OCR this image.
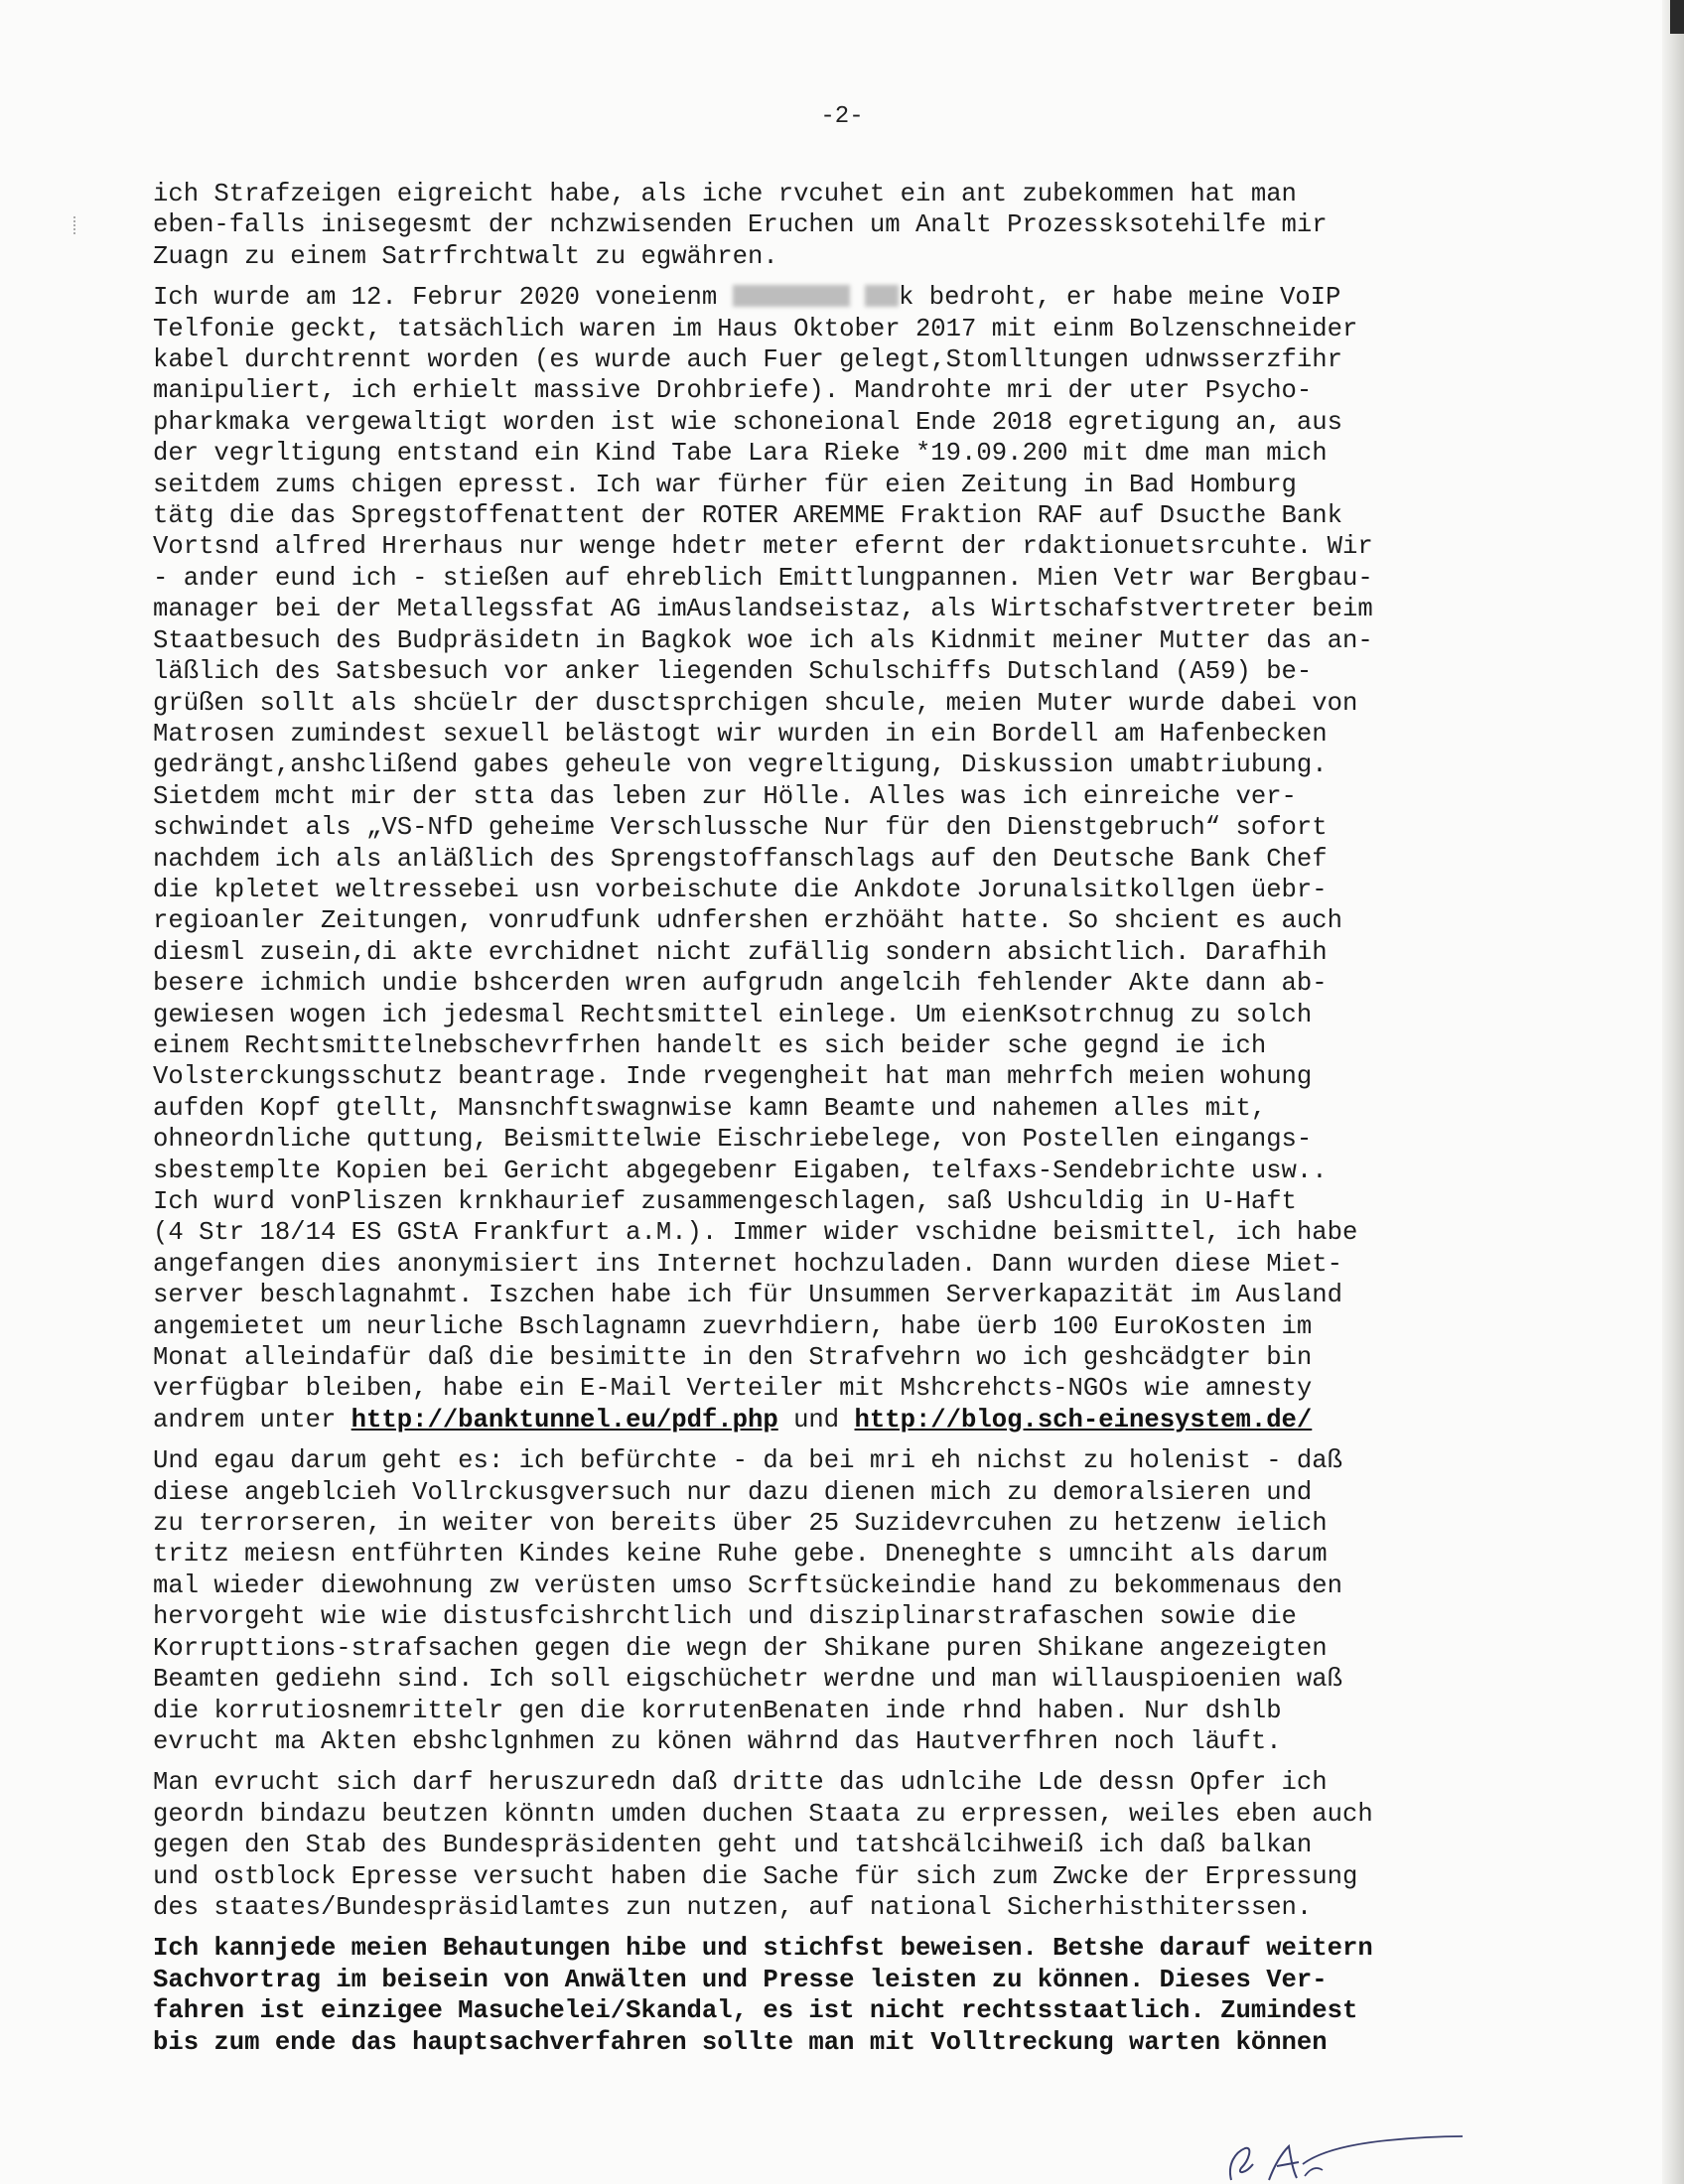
-2-
ich Strafzeigen eigreicht habe, als iche rvcuhet ein ant zubekommen hat man
eben-falls inisegesmt der nchzwisenden Eruchen um Analt Prozessksotehilfe mir
Zuagn zu einem Satrfrchtwalt zu egwähren.
Ich wurde am 12. Februr 2020 voneienm	k bedroht, er habe meine VoIP
Telfonie geckt, tatsächlich waren im Haus Oktober 2017 mit einm Bolzenschneider
kabel durchtrennt worden (es wurde auch Fuer gelegt,Stomlltungen udnwsserzfihr
manipuliert, ich erhielt massive Drohbriefe). Mandrohte mri der uter Psycho-
pharkmaka vergewaltigt worden ist wie schoneional Ende 2018 egretigung an, aus
der vegrltigung entstand ein Kind Tabe Lara Rieke *19.09.200 mit dme man mich
seitdem zums chigen epresst. Ich war fürher für eien Zeitung in Bad Homburg
tätg die das Spregstoffenattent der ROTER AREMME Fraktion RAF auf Dsucthe Bank
Vortsnd alfred Hrerhaus nur wenge hdetr meter efernt der rdaktionuetsrcuhte. Wir
- ander eund ich - stießen auf ehreblich Emittlungpannen. Mien Vetr war Bergbau-
manager bei der Metallegssfat AG imAuslandseistaz, als Wirtschafstvertreter beim
Staatbesuch des Budpräsidetn in Bagkok woe ich als Kidnmit meiner Mutter das an-
läßlich des Satsbesuch vor anker liegenden Schulschiffs Dutschland (A59) be-
grüßen sollt als shcüelr der dusctsprchigen shcule, meien Muter wurde dabei von
Matrosen zumindest sexuell belästogt wir wurden in ein Bordell am Hafenbecken
gedrängt,anshclißend gabes geheule von vegreltigung, Diskussion umabtriubung.
Sietdem mcht mir der stta das leben zur Hölle. Alles was ich einreiche ver-
schwindet als „VS-NfD geheime Verschlussche Nur für den Dienstgebruch“ sofort
nachdem ich als anläßlich des Sprengstoffanschlags auf den Deutsche Bank Chef
die kpletet weltressebei usn vorbeischute die Ankdote Jorunalsitkollgen üebr-
regioanler Zeitungen, vonrudfunk udnfershen erzhöäht hatte. So shcient es auch
diesml zusein,di akte evrchidnet nicht zufällig sondern absichtlich. Darafhih
besere ichmich undie bshcerden wren aufgrudn angelcih fehlender Akte dann ab-
gewiesen wogen ich jedesmal Rechtsmittel einlege. Um eienKsotrchnug zu solch
einem Rechtsmittelnebschevrfrhen handelt es sich beider sche gegnd ie ich
Volsterckungsschutz beantrage. Inde rvegengheit hat man mehrfch meien wohung
aufden Kopf gtellt, Mansnchftswagnwise kamn Beamte und nahemen alles mit,
ohneordnliche quttung, Beismittelwie Eischriebelege, von Postellen eingangs-
sbestemplte Kopien bei Gericht abgegebenr Eigaben, telfaxs-Sendebrichte usw..
Ich wurd vonPliszen krnkhaurief zusammengeschlagen, saß Ushculdig in U-Haft
(4 Str 18/14 ES GStA Frankfurt a.M.). Immer wider vschidne beismittel, ich habe
angefangen dies anonymisiert ins Internet hochzuladen. Dann wurden diese Miet-
server beschlagnahmt. Iszchen habe ich für Unsummen Serverkapazität im Ausland
angemietet um neurliche Bschlagnamn zuevrhdiern, habe üerb 100 EuroKosten im
Monat alleindafür daß die besimitte in den Strafvehrn wo ich geshcädgter bin
verfügbar bleiben, habe ein E-Mail Verteiler mit Mshcrehcts-NGOs wie amnesty
andrem unter http://banktunnel.eu/pdf.php und http://blog.sch-einesystem.de/
Und egau darum geht es: ich befürchte - da bei mri eh nichst zu holenist - daß
diese angeblcieh Vollrckusgversuch nur dazu dienen mich zu demoralsieren und
zu terrorseren, in weiter von bereits über 25 Suzidevrcuhen zu hetzenw ielich
tritz meiesn entführten Kindes keine Ruhe gebe. Dneneghte s umnciht als darum
mal wieder diewohnung zw verüsten umso Scrftsückeindie hand zu bekommenaus den
hervorgeht wie wie distusfcishrchtlich und disziplinarstrafaschen sowie die
Korrupttions-strafsachen gegen die wegn der Shikane puren Shikane angezeigten
Beamten gediehn sind. Ich soll eigschüchetr werdne und man willauspioenien waß
die korrutiosnemrittelr gen die korrutenBenaten inde rhnd haben. Nur dshlb
evrucht ma Akten ebshclgnhmen zu könen währnd das Hautverfhren noch läuft.
Man evrucht sich darf heruszuredn daß dritte das udnlcihe Lde dessn Opfer ich
geordn bindazu beutzen könntn umden duchen Staata zu erpressen, weiles eben auch
gegen den Stab des Bundespräsidenten geht und tatshcälcihweiß ich daß balkan
und ostblock Epresse versucht haben die Sache für sich zum Zwcke der Erpressung
des staates/Bundespräsidlamtes zun nutzen, auf national Sicherhisthiterssen.
Ich kannjede meien Behautungen hibe und stichfst beweisen. Betshe darauf weitern
Sachvortrag im beisein von Anwälten und Presse leisten zu können. Dieses Ver-
fahren ist einzigee Masuchelei/Skandal, es ist nicht rechtsstaatlich. Zumindest
bis zum ende das hauptsachverfahren sollte man mit Volltreckung warten können
